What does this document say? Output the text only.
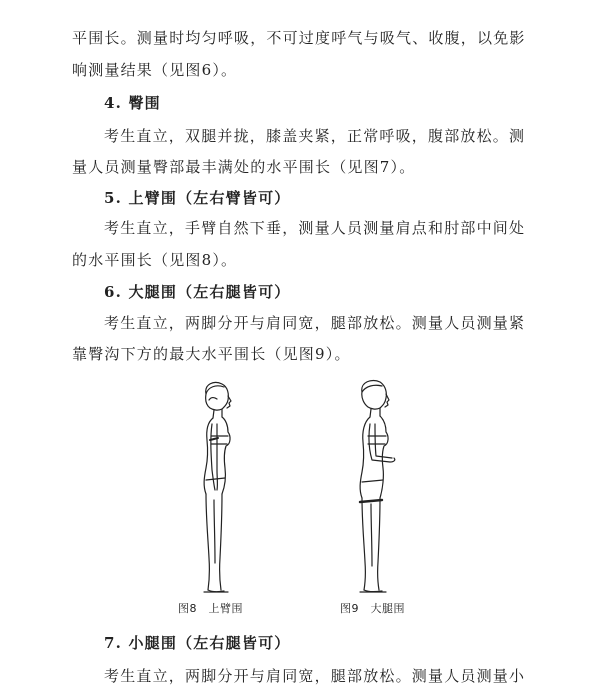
平围长。测量时均匀呼吸，不可过度呼气与吸气、收腹，以免影
响测量结果（见图6）。
4. 臀围
考生直立，双腿并拢，膝盖夹紧，正常呼吸，腹部放松。测
量人员测量臀部最丰满处的水平围长（见图7）。
5. 上臂围（左右臂皆可）
考生直立，手臂自然下垂，测量人员测量肩点和肘部中间处
的水平围长（见图8）。
6. 大腿围（左右腿皆可）
考生直立，两脚分开与肩同宽，腿部放松。测量人员测量紧
靠臀沟下方的最大水平围长（见图9）。
图8　上臂围	图9　大腿围
7. 小腿围（左右腿皆可）
考生直立，两脚分开与肩同宽，腿部放松。测量人员测量小
